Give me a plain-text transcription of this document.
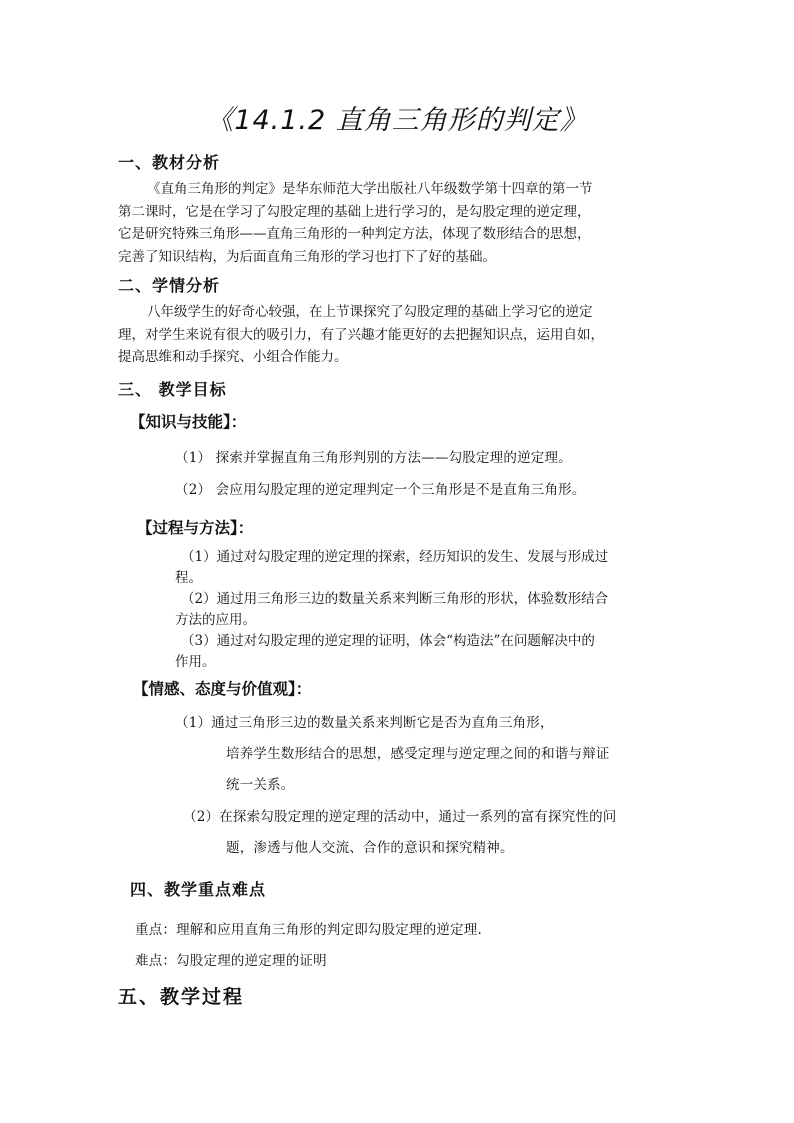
《14.1.2 直角三角形的判定》
一、教材分析
《直角三角形的判定》是华东师范大学出版社八年级数学第十四章的第一节
第二课时，它是在学习了勾股定理的基础上进行学习的，是勾股定理的逆定理，
它是研究特殊三角形——直角三角形的一种判定方法，体现了数形结合的思想，
完善了知识结构，为后面直角三角形的学习也打下了好的基础。
二、学情分析
八年级学生的好奇心较强，在上节课探究了勾股定理的基础上学习它的逆定
理，对学生来说有很大的吸引力，有了兴趣才能更好的去把握知识点，运用自如，
提高思维和动手探究、小组合作能力。
三、 教学目标
【知识与技能】：
（1） 探索并掌握直角三角形判别的方法——勾股定理的逆定理。
（2） 会应用勾股定理的逆定理判定一个三角形是不是直角三角形。
【过程与方法】：
（1）通过对勾股定理的逆定理的探索，经历知识的发生、发展与形成过
程。
（2）通过用三角形三边的数量关系来判断三角形的形状，体验数形结合
方法的应用。
（3）通过对勾股定理的逆定理的证明，体会“构造法”在问题解决中的
作用。
【情感、态度与价值观】：
（1）通过三角形三边的数量关系来判断它是否为直角三角形，
培养学生数形结合的思想，感受定理与逆定理之间的和谐与辩证
统一关系。
（2）在探索勾股定理的逆定理的活动中，通过一系列的富有探究性的问
题，渗透与他人交流、合作的意识和探究精神。
四、教学重点难点
重点：理解和应用直角三角形的判定即勾股定理的逆定理.
难点：勾股定理的逆定理的证明
五、教学过程
